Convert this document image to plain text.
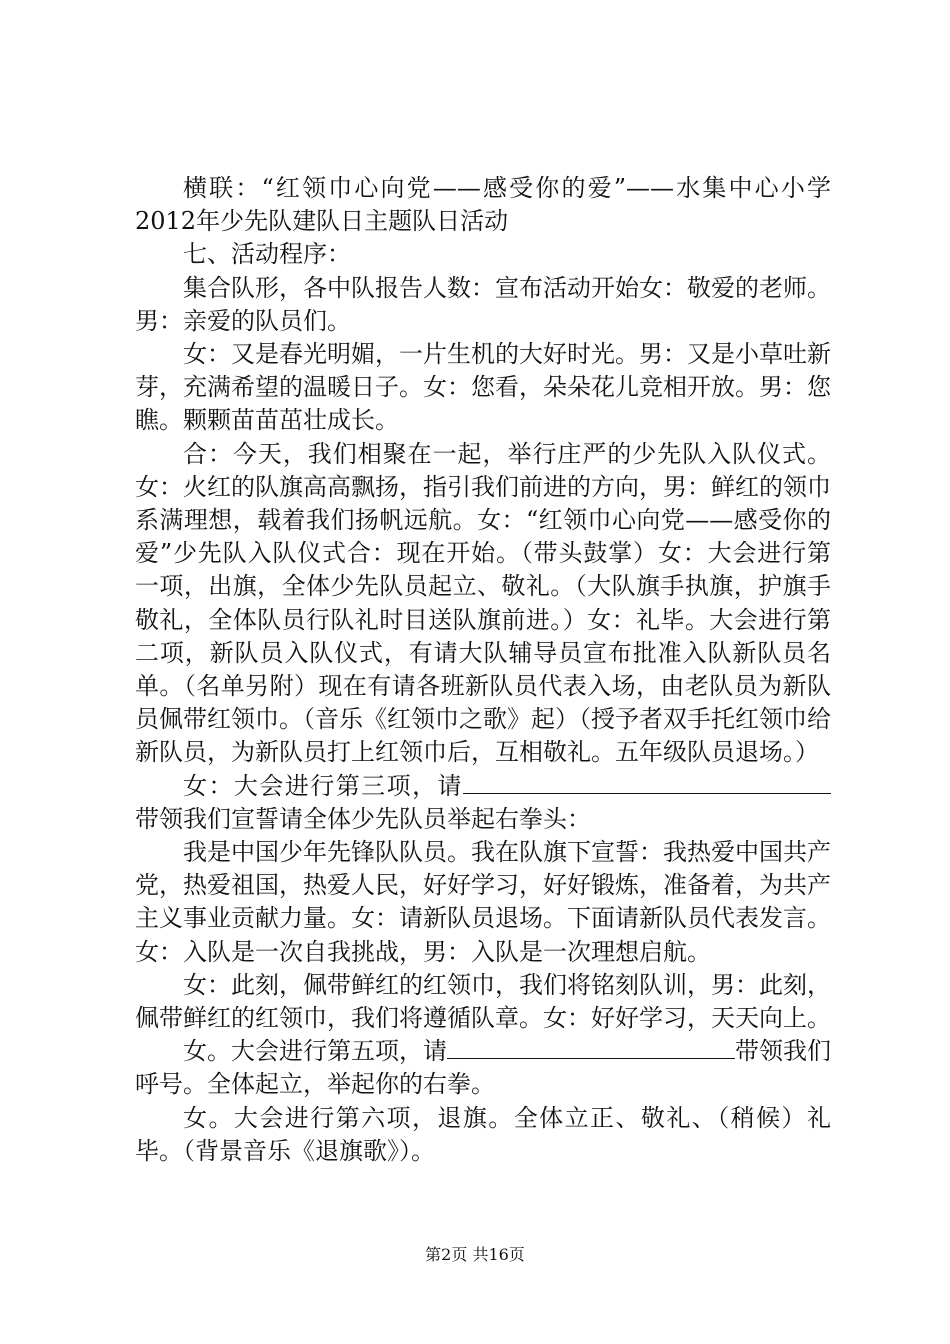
横联：“红领巾心向党——感受你的爱”——水集中心小学2012年少先队建队日主题队日活动

七、活动程序：

集合队形，各中队报告人数：宣布活动开始女：敬爱的老师。男：亲爱的队员们。

女：又是春光明媚，一片生机的大好时光。男：又是小草吐新芽，充满希望的温暖日子。女：您看，朵朵花儿竞相开放。男：您瞧。颗颗苗苗茁壮成长。

合：今天，我们相聚在一起，举行庄严的少先队入队仪式。女：火红的队旗高高飘扬，指引我们前进的方向，男：鲜红的领巾系满理想，载着我们扬帆远航。女：“红领巾心向党——感受你的爱”少先队入队仪式合：现在开始。（带头鼓掌）女：大会进行第一项，出旗，全体少先队员起立、敬礼。（大队旗手执旗，护旗手敬礼，全体队员行队礼时目送队旗前进。）女：礼毕。大会进行第二项，新队员入队仪式，有请大队辅导员宣布批准入队新队员名单。（名单另附）现在有请各班新队员代表入场，由老队员为新队员佩带红领巾。（音乐《红领巾之歌》起）（授予者双手托红领巾给新队员，为新队员打上红领巾后，互相敬礼。五年级队员退场。）

女：大会进行第三项，请带领我们宣誓请全体少先队员举起右拳头：

我是中国少年先锋队队员。我在队旗下宣誓：我热爱中国共产党，热爱祖国，热爱人民，好好学习，好好锻炼，准备着，为共产主义事业贡献力量。女：请新队员退场。下面请新队员代表发言。女：入队是一次自我挑战，男：入队是一次理想启航。

女：此刻，佩带鲜红的红领巾，我们将铭刻队训，男：此刻，佩带鲜红的红领巾，我们将遵循队章。女：好好学习，天天向上。

女。大会进行第五项，请	带领我们呼号。全体起立，举起你的右拳。

女。大会进行第六项，退旗。全体立正、敬礼、（稍候）礼毕。（背景音乐《退旗歌》）。

第2页 共16页
